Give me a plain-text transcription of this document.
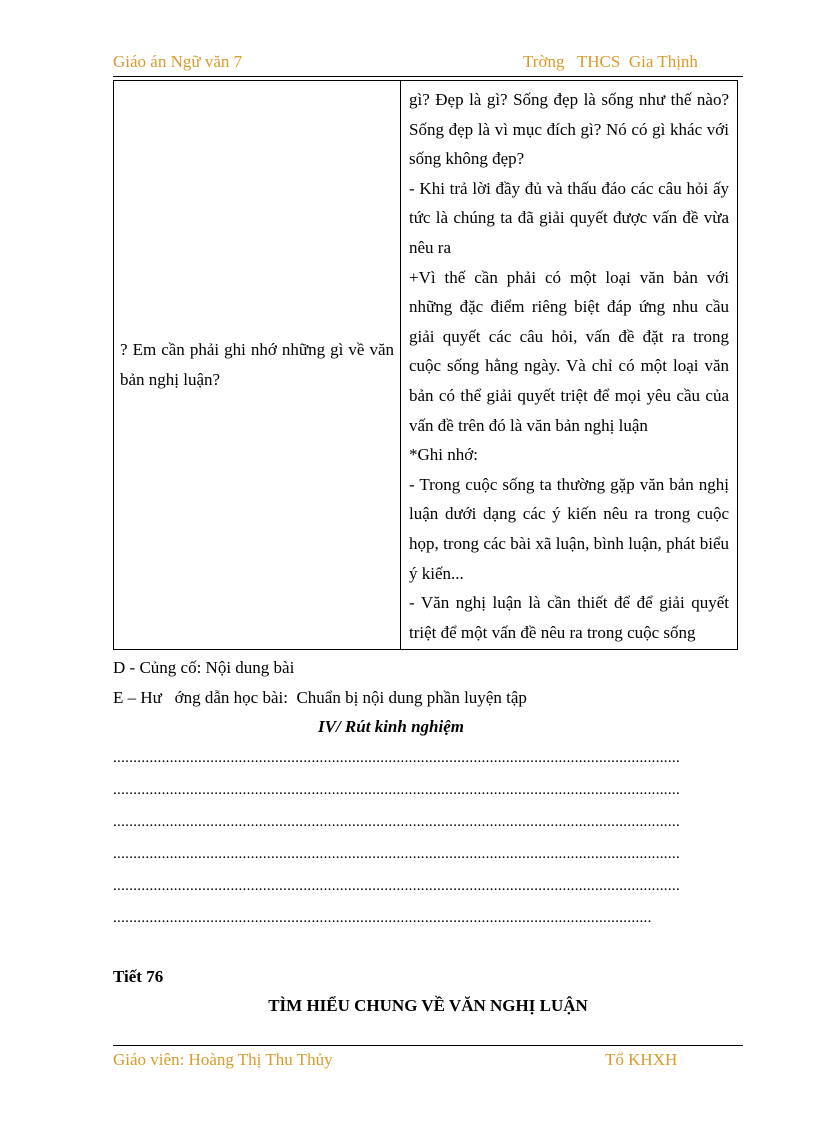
Giáo án Ngữ văn 7	Trờng   THCS  Gia Thịnh
? Em cần phải ghi nhớ những gì về văn bản nghị luận?	

gì? Đẹp là gì? Sống đẹp là sống như thế nào? Sống đẹp là vì mục đích gì? Nó có gì khác với sống không đẹp?

- Khi trả lời đầy đủ và thấu đáo các câu hỏi ấy tức là chúng ta đã giải quyết được vấn đề vừa nêu ra

+Vì thế cần phải có một loại văn bản với những đặc điểm riêng biệt đáp ứng nhu cầu giải quyết các câu hỏi, vấn đề đặt ra trong cuộc sống hằng ngày. Và chỉ có một loại văn bản có thể giải quyết triệt để mọi yêu cầu của vấn đề trên đó là văn bản nghị luận

*Ghi nhớ:

- Trong cuộc sống ta thường gặp văn bản nghị luận dưới dạng các ý kiến nêu ra trong cuộc họp, trong các bài xã luận, bình luận, phát biểu ý kiến...

- Văn nghị luận là cần thiết để để giải quyết triệt để một vấn đề nêu ra trong cuộc sống

D - Củng cố: Nội dung bài
E – Hư   ớng dẫn học bài:  Chuẩn bị nội dung phần luyện tập
IV/ Rút kinh nghiệm
............................................................................................................................................
............................................................................................................................................
............................................................................................................................................
............................................................................................................................................
............................................................................................................................................
.....................................................................................................................................
Tiết 76
TÌM HIỂU CHUNG VỀ VĂN NGHỊ LUẬN
Giáo viên: Hoàng Thị Thu Thủy	Tổ KHXH
